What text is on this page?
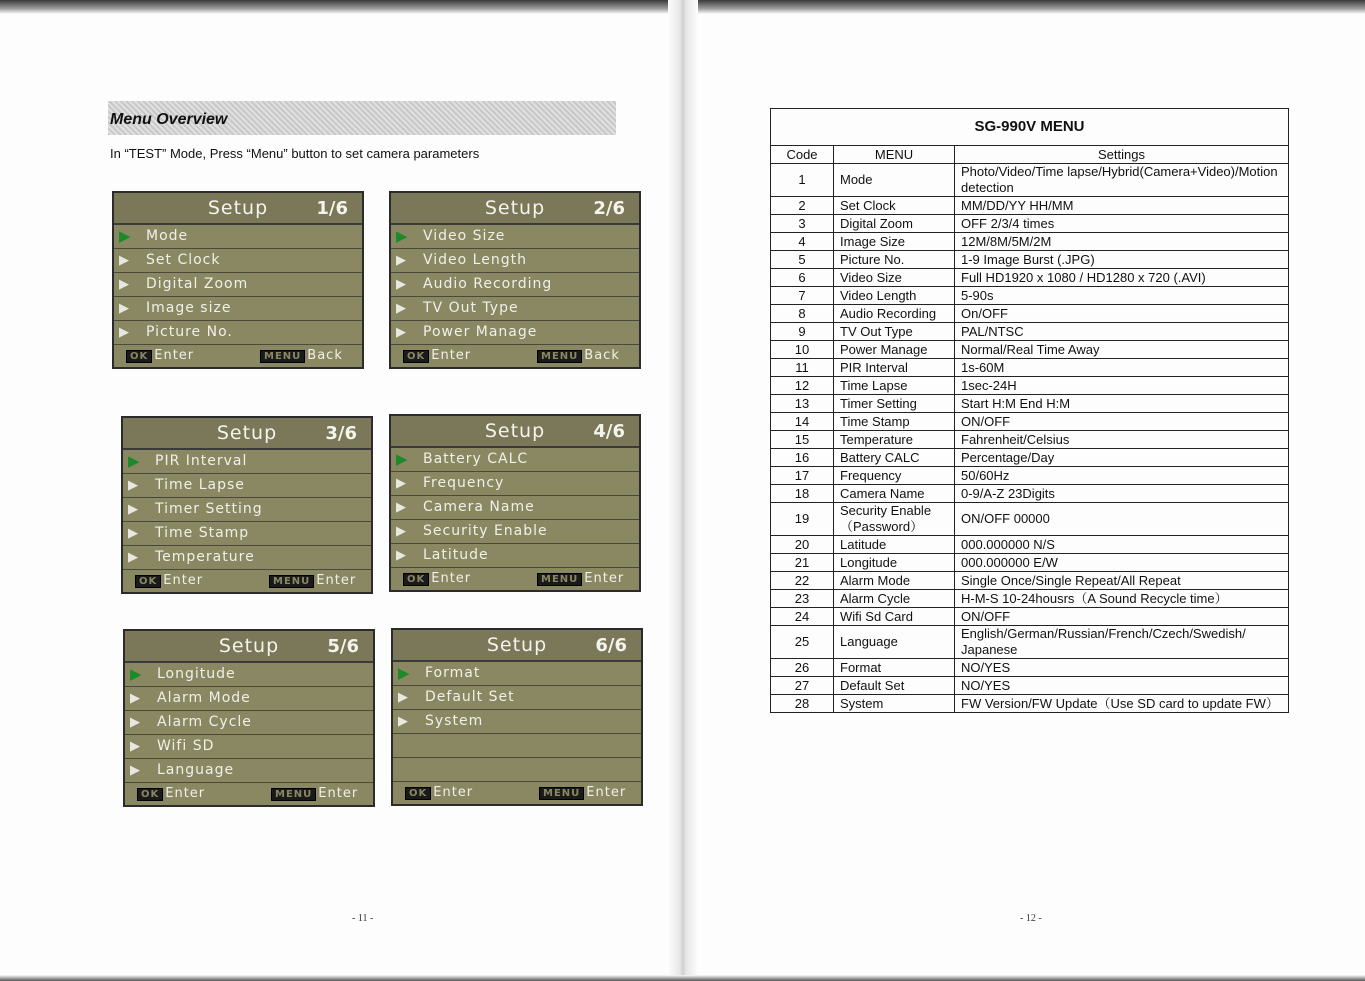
Menu Overview
In “TEST” Mode, Press “Menu” button to set camera parameters
Setup	1/6
▶ Mode
▶ Set Clock
▶ Digital Zoom
▶ Image size
▶ Picture No.
OK Enter	MENU Back
Setup	2/6
▶ Video Size
▶ Video Length
▶ Audio Recording
▶ TV Out Type
▶ Power Manage
OK Enter	MENU Back
Setup	3/6
▶ PIR Interval
▶ Time Lapse
▶ Timer Setting
▶ Time Stamp
▶ Temperature
OK Enter	MENU Enter
Setup	4/6
▶ Battery CALC
▶ Frequency
▶ Camera Name
▶ Security Enable
▶ Latitude
OK Enter	MENU Enter
Setup	5/6
▶ Longitude
▶ Alarm Mode
▶ Alarm Cycle
▶ Wifi SD
▶ Language
OK Enter	MENU Enter
Setup	6/6
▶ Format
▶ Default Set
▶ System
OK Enter	MENU Enter
- 11 -	- 12 -
SG-990V MENU		
Code	MENU	Settings
1	Mode	Photo/Video/Time lapse/Hybrid(Camera+Video)/Motion detection
2	Set Clock	MM/DD/YY HH/MM
3	Digital Zoom	OFF 2/3/4 times
4	Image Size	12M/8M/5M/2M
5	Picture No.	1-9 Image Burst (.JPG)
6	Video Size	Full HD1920 x 1080 / HD1280 x 720 (.AVI)
7	Video Length	5-90s
8	Audio Recording	On/OFF
9	TV Out Type	PAL/NTSC
10	Power Manage	Normal/Real Time Away
11	PIR Interval	1s-60M
12	Time Lapse	1sec-24H
13	Timer Setting	Start H:M End H:M
14	Time Stamp	ON/OFF
15	Temperature	Fahrenheit/Celsius
16	Battery CALC	Percentage/Day
17	Frequency	50/60Hz
18	Camera Name	0-9/A-Z 23Digits
19	Security Enable （Password）	ON/OFF 00000
20	Latitude	000.000000 N/S
21	Longitude	000.000000 E/W
22	Alarm Mode	Single Once/Single Repeat/All Repeat
23	Alarm Cycle	H-M-S 10-24housrs（A Sound Recycle time）
24	Wifi Sd Card	ON/OFF
25	Language	English/German/Russian/French/Czech/Swedish/ Japanese
26	Format	NO/YES
27	Default Set	NO/YES
28	System	FW Version/FW Update（Use SD card to update FW）
